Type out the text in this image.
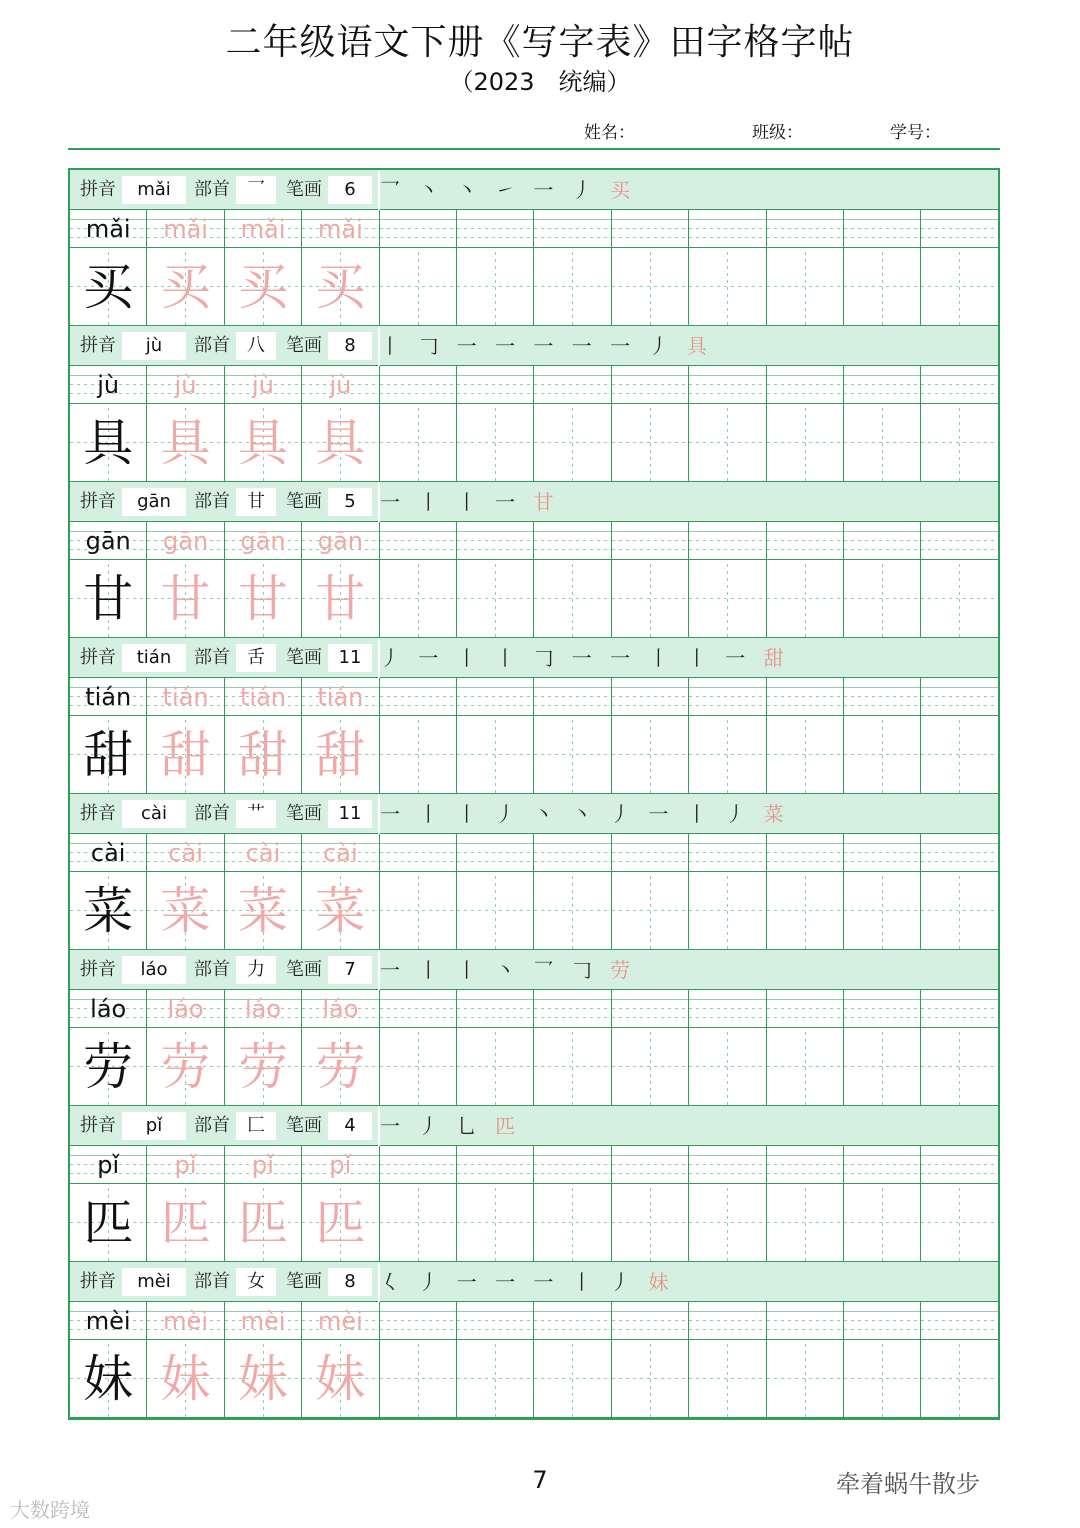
二年级语文下册《写字表》田字格字帖
（2023　统编）
姓名：	班级：	学号：
拼音	mǎi	部首 乛	笔画	6	乛 丶 丶 ㇀ 一 丿 买
mǎi	mǎi	mǎi	mǎi
买 买 买 买
拼音	jù	部首 八	笔画	8	丨 𠃌 一 一 一 一 一 丿 具
jù	jù	jù	jù
具 具 具 具
拼音	gān	部首 甘	笔画	5	一 丨 丨 一 甘
gān	gān	gān	gān
甘 甘 甘 甘
拼音	tián	部首 舌	笔画 11 丿 一 丨 丨 𠃌 一 一 丨 丨 一 甜
tián	tián	tián	tián
甜 甜 甜 甜
拼音	cài	部首 艹	笔画 11 一 丨 丨 丿 丶 丶 丿 一 丨 丿 菜
cài	cài	cài	cài
菜 菜 菜 菜
拼音	láo	部首 力	笔画	7	一 丨 丨 丶 乛 𠃌 劳
láo	láo	láo	láo
劳 劳 劳 劳
拼音	pǐ	部首 匚	笔画	4	一 丿 乚 匹
pǐ	pǐ	pǐ	pǐ
匹 匹 匹 匹
拼音	mèi	部首 女	笔画	8	𡿨 丿 一 一 一 丨 丿 妹
mèi	mèi	mèi	mèi
妹 妹 妹 妹
7	牵着蜗牛散步
大数跨境
